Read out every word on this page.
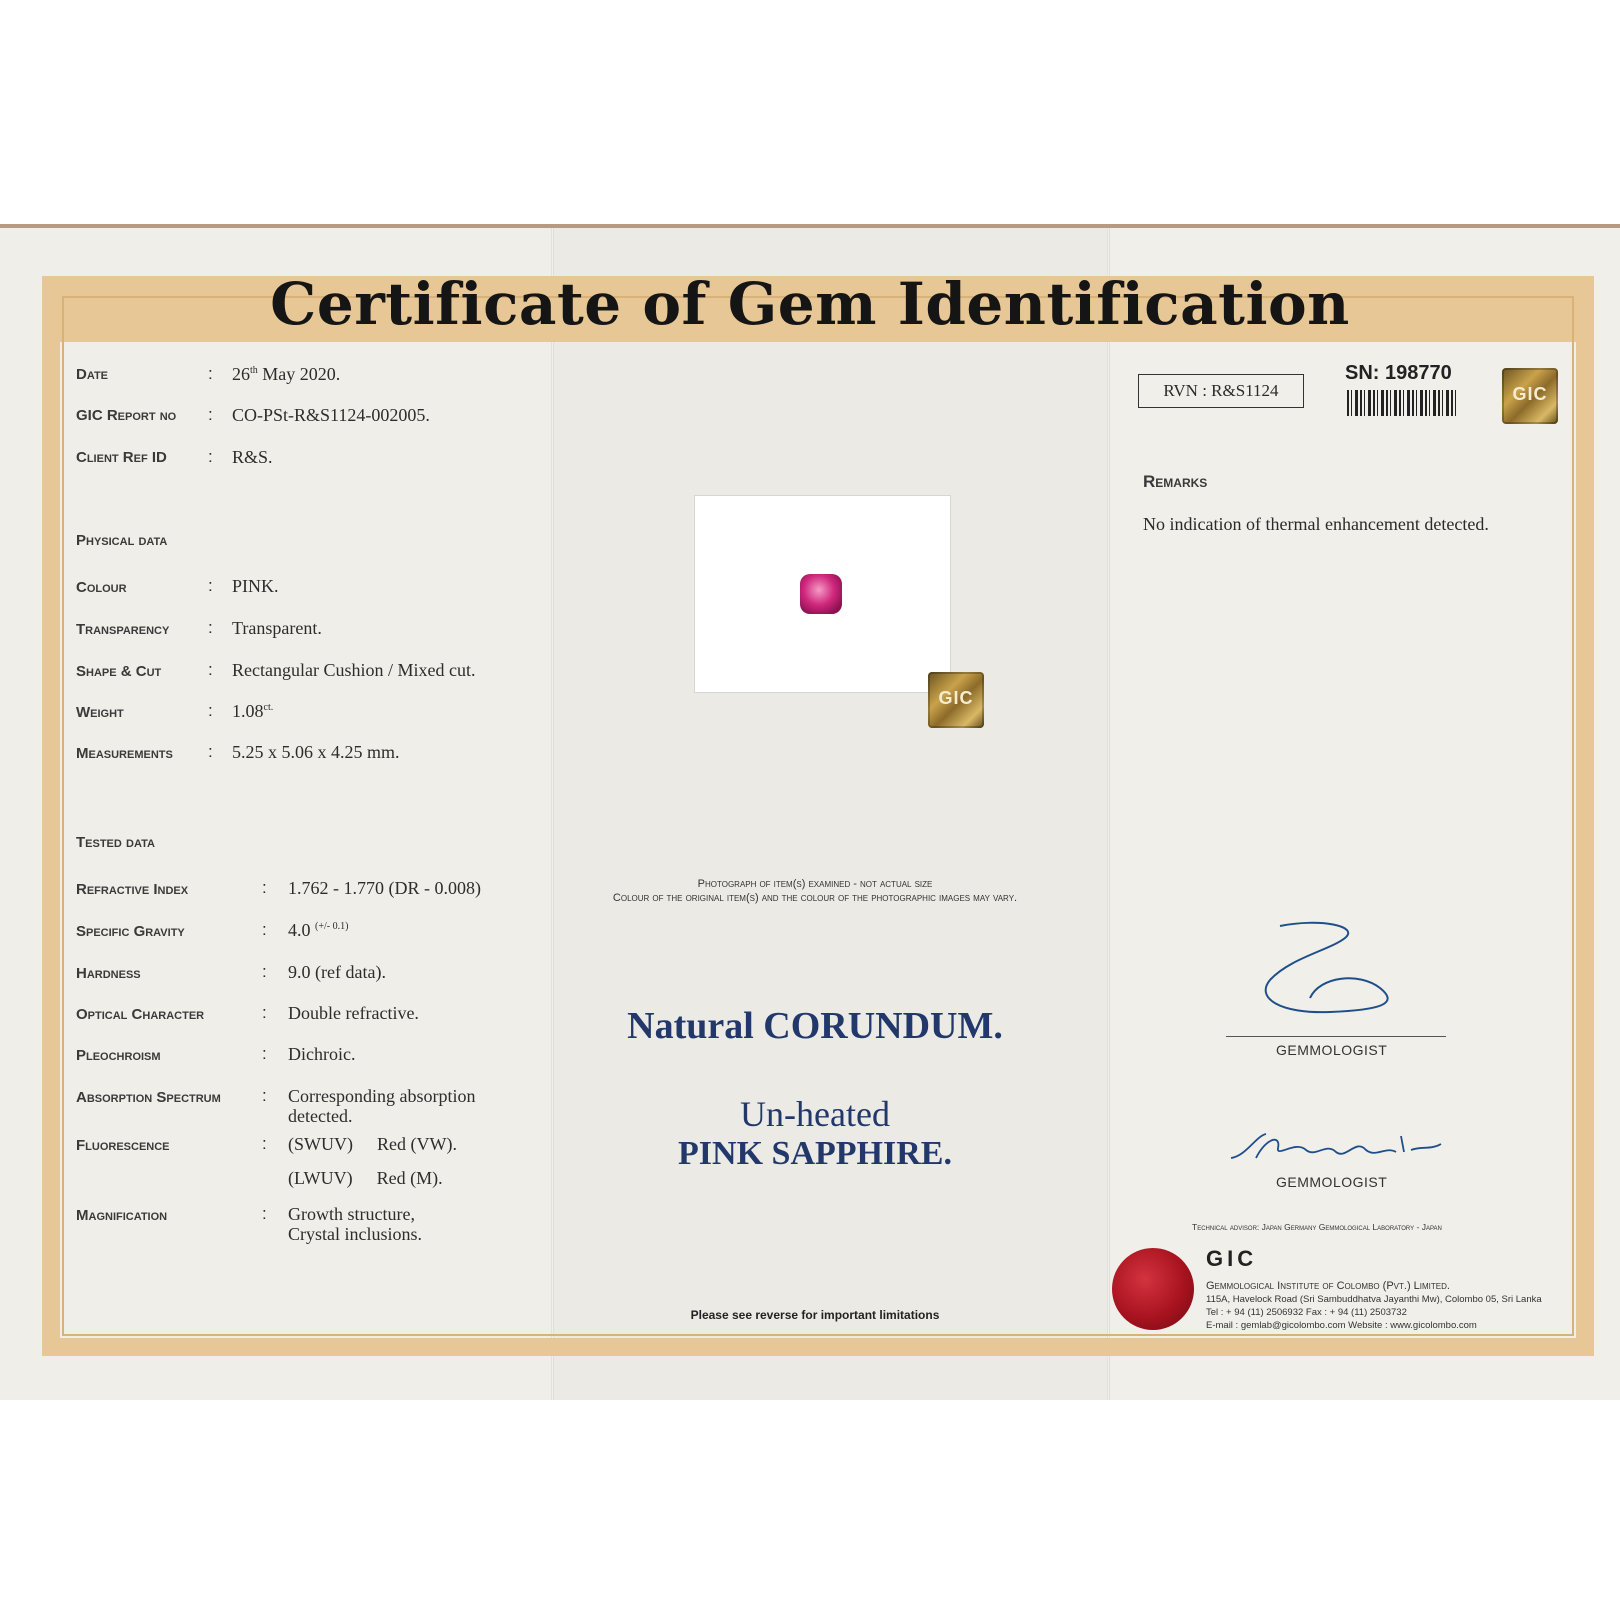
Certificate of Gem Identification
Date	: 26th May 2020.
GIC Report no : CO-PSt-R&S1124-002005.
Client Ref ID : R&S.
Physical data
Colour	: PINK.
Transparency : Transparent.
Shape & Cut	: Rectangular Cushion / Mixed cut.
Weight	: $1.08^{ct.}$
Measurements : 5.25 x 5.06 x 4.25 mm.
Tested data
Refractive Index	: 1.762 - 1.770 (DR - 0.008)
Specific Gravity	: 4.0 $^{(+/- 0.1)}$
Hardness	: 9.0 (ref data).
Optical Character	: Double refractive.
Pleochroism	: Dichroic.
Absorption Spectrum : Corresponding absorption
detected.
Fluorescence	: (SWUV) Red (VW).
(LWUV) Red (M).
Magnification	: Growth structure,
Crystal inclusions.
GIC
Photograph of item(s) examined - not actual size
Colour of the original item(s) and the colour of the photographic images may vary.
Natural CORUNDUM.
Un-heated
PINK SAPPHIRE.
Please see reverse for important limitations
RVN : R&S1124
SN: 198770
GIC
Remarks
No indication of thermal enhancement detected.
GEMMOLOGIST
GEMMOLOGIST
Technical advisor: Japan Germany Gemmological Laboratory - Japan
GIC
Gemmological Institute of Colombo (Pvt.) Limited.
115A, Havelock Road (Sri Sambuddhatva Jayanthi Mw), Colombo 05, Sri Lanka
Tel : + 94 (11) 2506932 Fax : + 94 (11) 2503732
E-mail : gemlab@gicolombo.com Website : www.gicolombo.com
